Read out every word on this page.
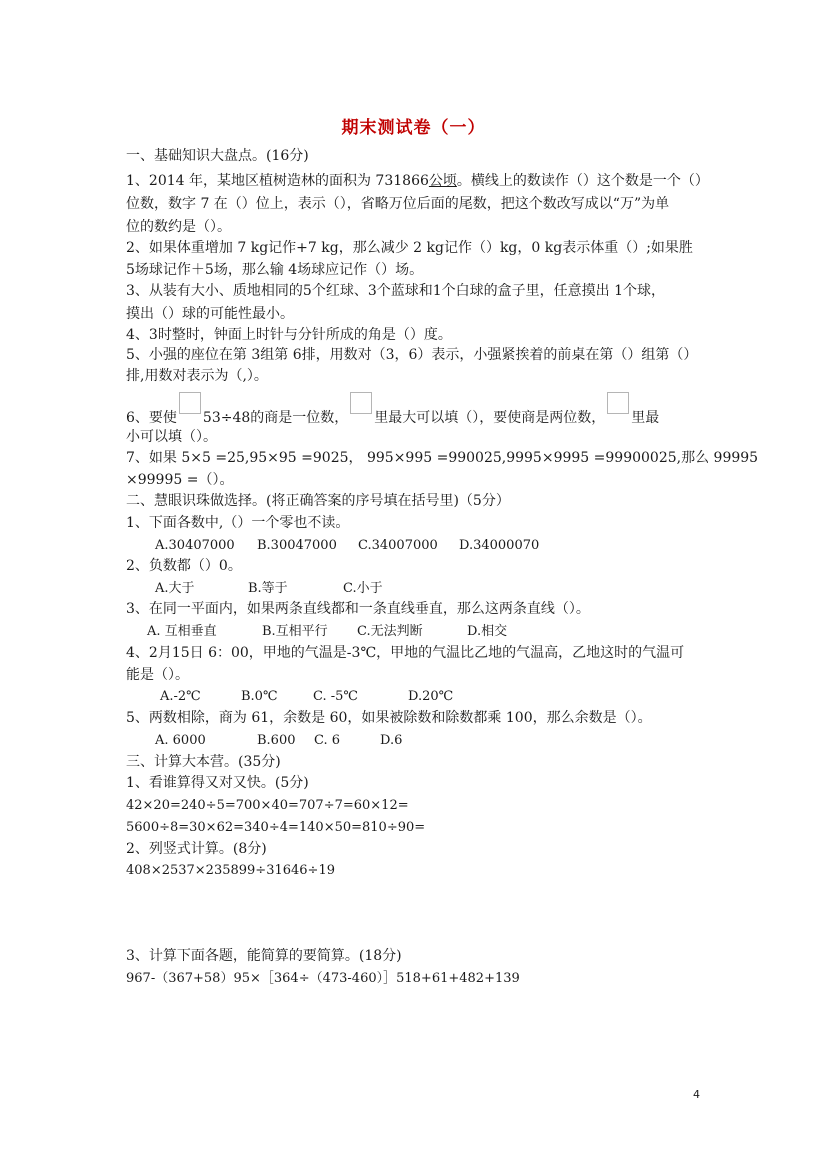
期末测试卷（一）
一、基础知识大盘点。(16分)
1、2014 年，某地区植树造林的面积为 731866公顷。横线上的数读作（）这个数是一个（）
位数，数字 7 在（）位上，表示（），省略万位后面的尾数，把这个数改写成以“万”为单
位的数约是（）。
2、如果体重增加 7 kg记作+7 kg，那么减少 2 kg记作（）kg，0 kg表示体重（）;如果胜
5场球记作＋5场，那么输 4场球应记作（）场。
3、从装有大小、质地相同的5个红球、3个蓝球和1个白球的盒子里，任意摸出 1个球，
摸出（）球的可能性最小。
4、3时整时，钟面上时针与分针所成的角是（）度。
5、小强的座位在第 3组第 6排，用数对（3，6）表示，小强紧挨着的前桌在第（）组第（）
排,用数对表示为（,）。
6、要使 53÷48的商是一位数， 里最大可以填（），要使商是两位数， 里最
小可以填（）。
7、如果 5×5 =25,95×95 =9025， 995×995 =990025,9995×9995 =99900025,那么 99995
×99995 =（）。
二、慧眼识珠做选择。(将正确答案的序号填在括号里)（5分）
1、下面各数中,（）一个零也不读。
A.30407000 B.30047000 C.34007000 D.34000070
2、负数都（）0。
A.大于	B.等于	C.小于
3、在同一平面内，如果两条直线都和一条直线垂直，那么这两条直线（）。
A. 互相垂直	B.互相平行 C.无法判断	D.相交
4、2月15日 6：00，甲地的气温是-3℃，甲地的气温比乙地的气温高，乙地这时的气温可
能是（）。
A.-2℃	B.0℃	C. -5℃	D.20℃
5、两数相除，商为 61，余数是 60，如果被除数和除数都乘 100，那么余数是（）。
A. 6000	B.600 C. 6	D.6
三、计算大本营。(35分)
1、看谁算得又对又快。(5分)
42×20=240÷5=700×40=707÷7=60×12=
5600÷8=30×62=340÷4=140×50=810÷90=
2、列竖式计算。(8分)
408×2537×235899÷31646÷19
3、计算下面各题，能简算的要简算。(18分)
967-（367+58）95×［364÷（473-460）］518+61+482+139
4
